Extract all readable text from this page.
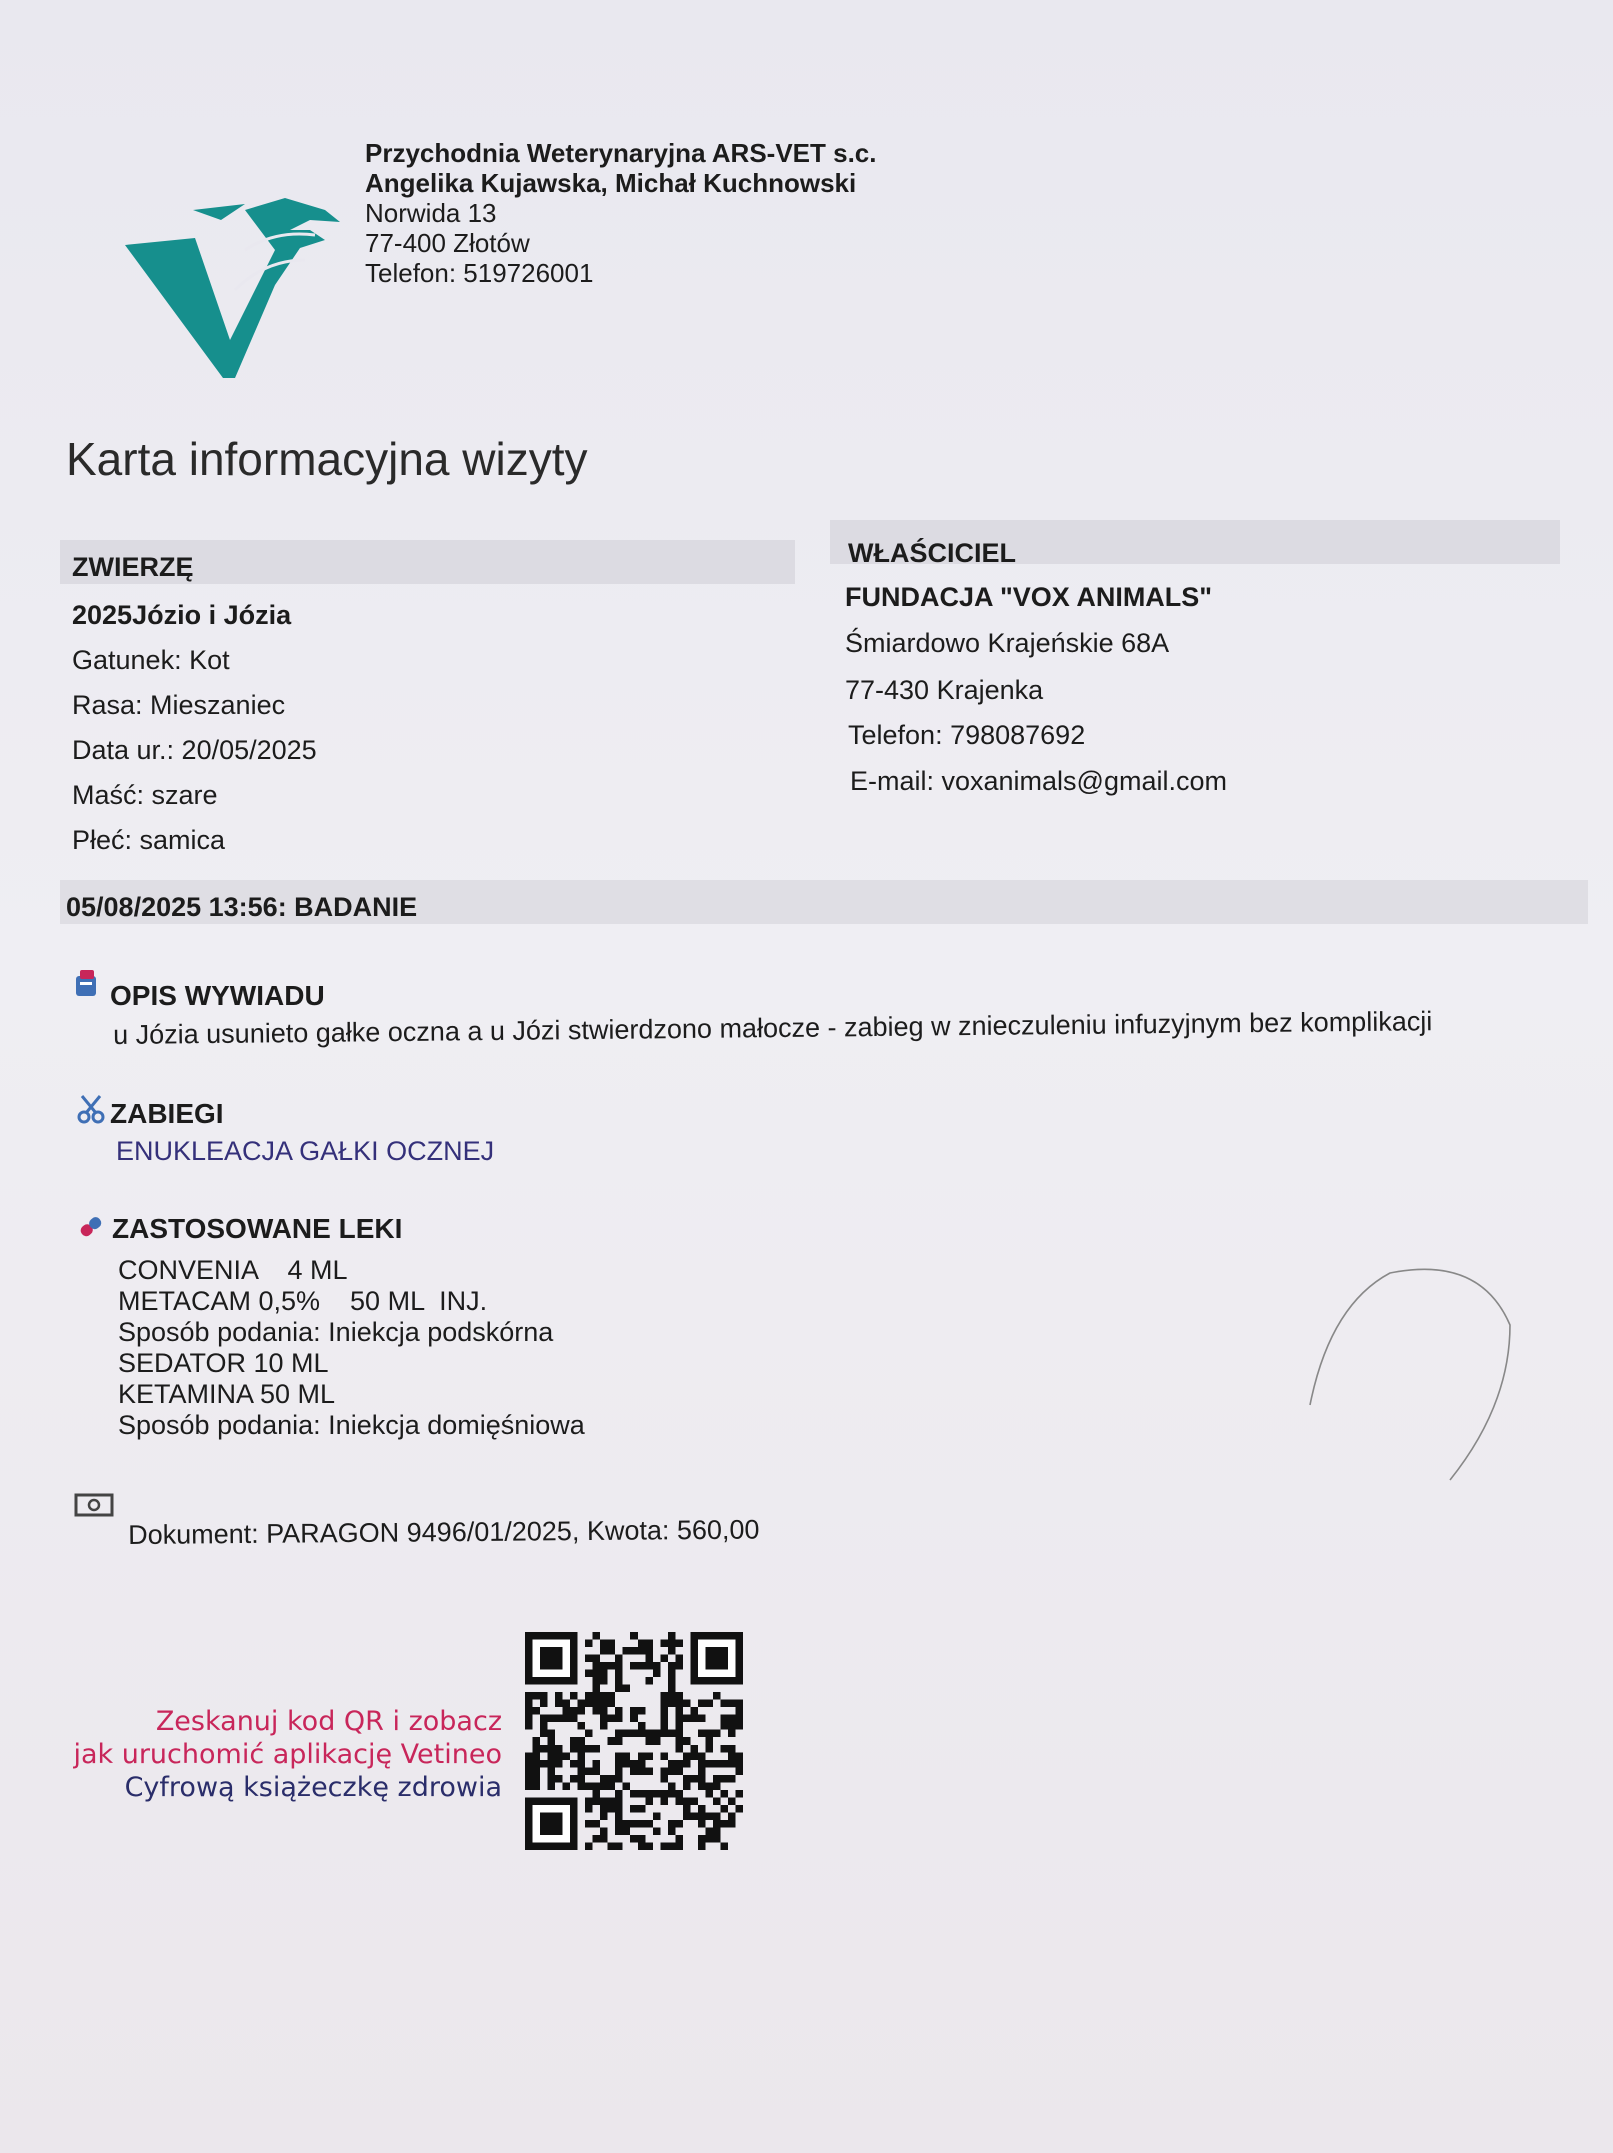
Przychodnia Weterynaryjna ARS-VET s.c.
Angelika Kujawska, Michał Kuchnowski
Norwida 13
77-400 Złotów
Telefon: 519726001
Karta informacyjna wizyty
ZWIERZĘ
2025Józio i Józia
Gatunek: Kot
Rasa: Mieszaniec
Data ur.: 20/05/2025
Maść: szare
Płeć: samica
WŁAŚCICIEL
FUNDACJA "VOX ANIMALS"
Śmiardowo Krajeńskie 68A
77-430 Krajenka
Telefon: 798087692
E-mail: voxanimals@gmail.com
05/08/2025 13:56: BADANIE
OPIS WYWIADU
u Józia usunieto gałke oczna a u Józi stwierdzono małocze - zabieg w znieczuleniu infuzyjnym bez komplikacji
ZABIEGI
ENUKLEACJA GAŁKI OCZNEJ
ZASTOSOWANE LEKI
CONVENIA    4 ML
METACAM 0,5%    50 ML  INJ.
Sposób podania: Iniekcja podskórna
SEDATOR 10 ML
KETAMINA 50 ML
Sposób podania: Iniekcja domięśniowa
Dokument: PARAGON 9496/01/2025, Kwota: 560,00
Zeskanuj kod QR i zobacz
jak uruchomić aplikację Vetineo
Cyfrową książeczkę zdrowia
